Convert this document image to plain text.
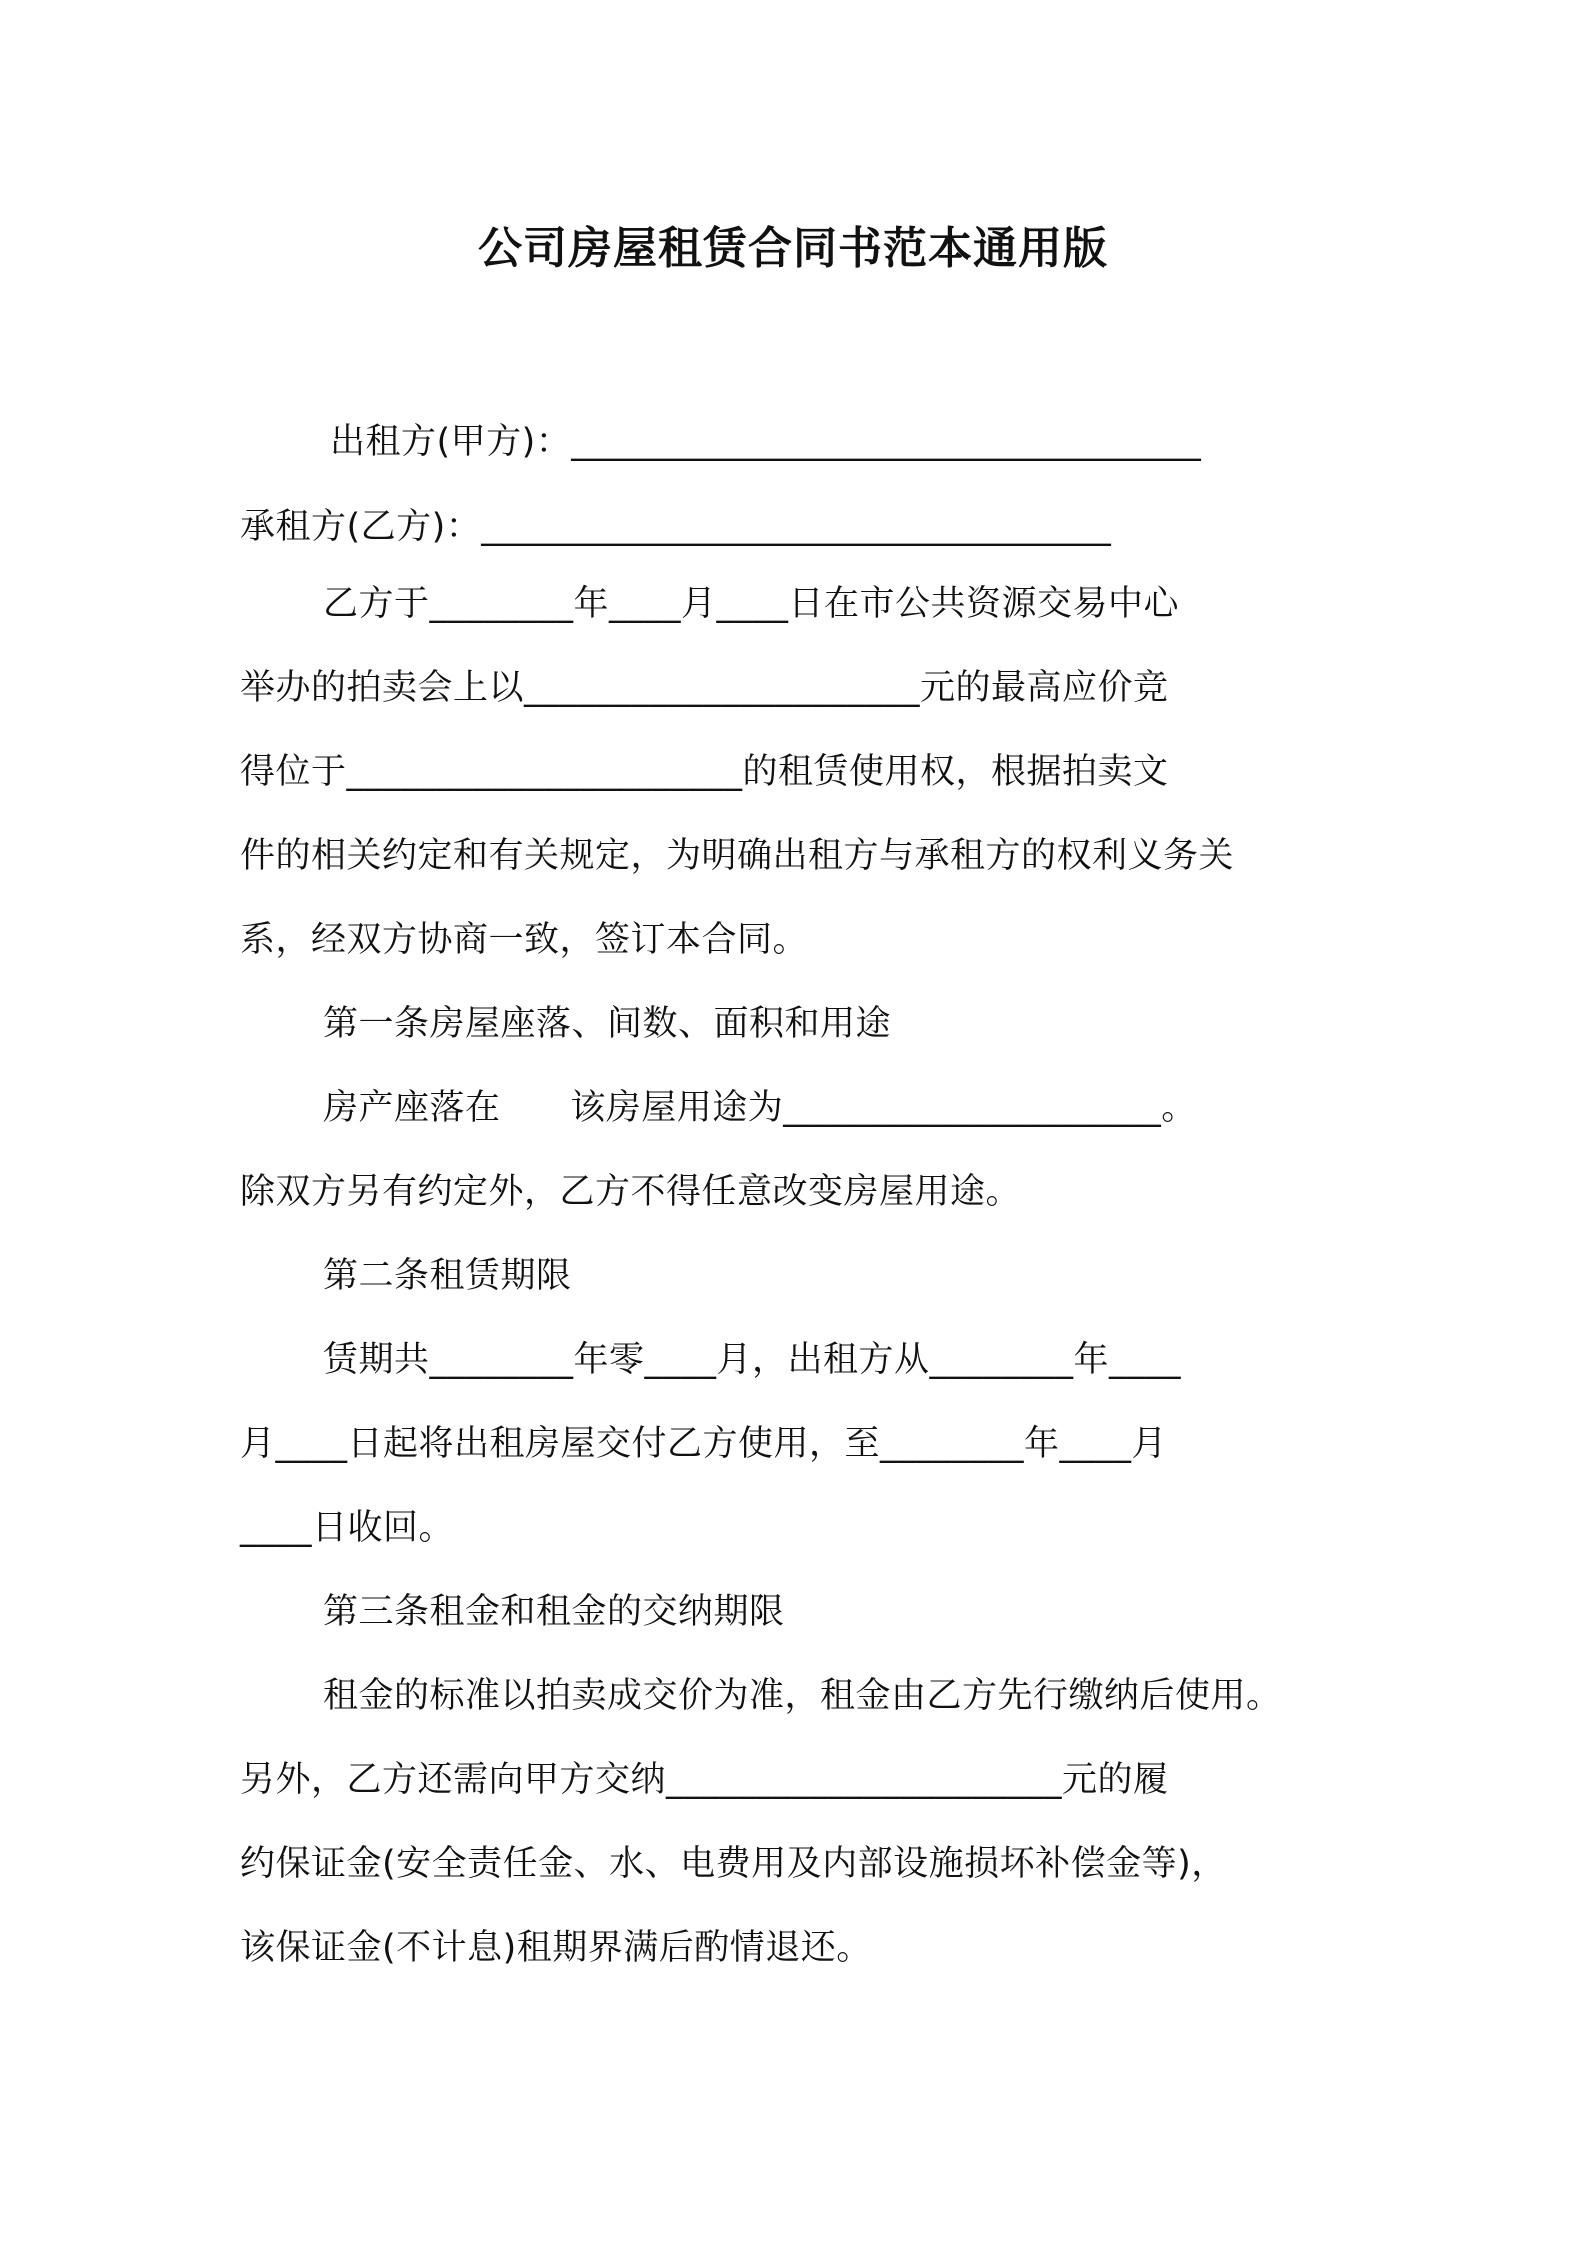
公司房屋租赁合同书范本通用版
出租方(甲方)：___________________________________
承租方(乙方)：___________________________________
乙方于________年____月____日在市公共资源交易中心
举办的拍卖会上以______________________元的最高应价竞
得位于______________________的租赁使用权，根据拍卖文
件的相关约定和有关规定，为明确出租方与承租方的权利义务关
系，经双方协商一致，签订本合同。
第一条房屋座落、间数、面积和用途
房产座落在      该房屋用途为_____________________。
除双方另有约定外，乙方不得任意改变房屋用途。
第二条租赁期限
赁期共________年零____月，出租方从________年____
月____日起将出租房屋交付乙方使用，至________年____月
____日收回。
第三条租金和租金的交纳期限
租金的标准以拍卖成交价为准，租金由乙方先行缴纳后使用。
另外，乙方还需向甲方交纳______________________元的履
约保证金(安全责任金、水、电费用及内部设施损坏补偿金等)，
该保证金(不计息)租期界满后酌情退还。
